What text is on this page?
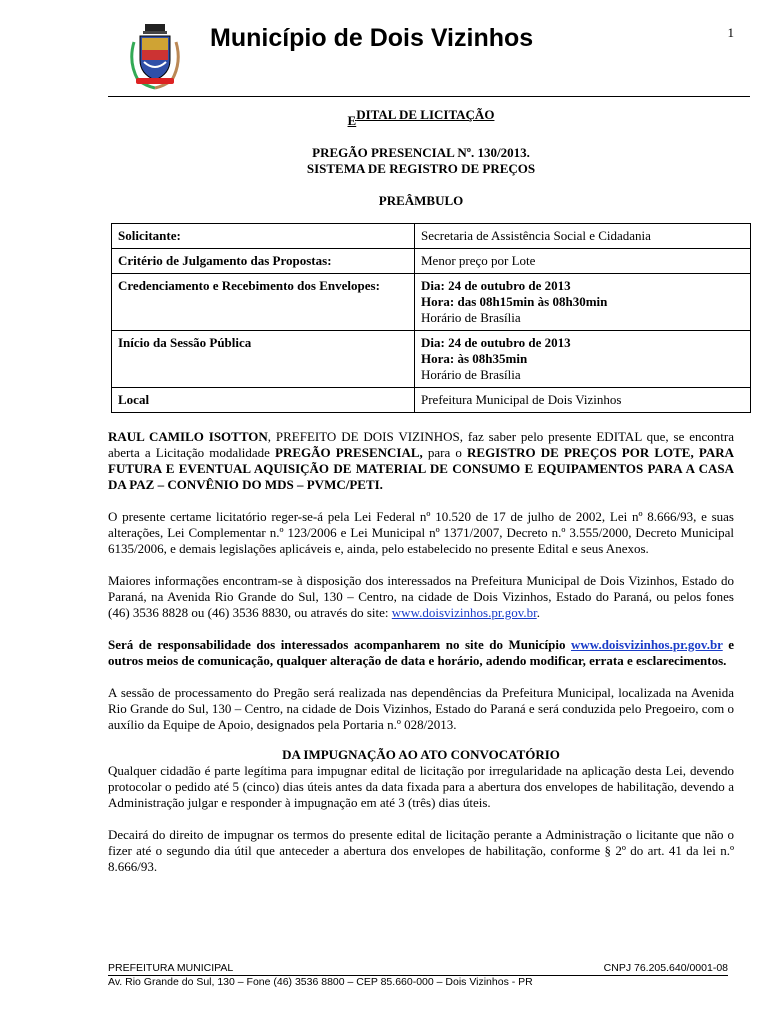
1
Município de Dois Vizinhos
EDITAL DE LICITAÇÃO
PREGÃO PRESENCIAL Nº. 130/2013.
SISTEMA DE REGISTRO DE PREÇOS
PREÂMBULO
Solicitante:	Secretaria de Assistência Social e Cidadania

Critério de Julgamento das Propostas:	Menor preço por Lote

Credenciamento e Recebimento dos Envelopes:	Dia: 24 de outubro de 2013
Hora: das 08h15min às 08h30min
Horário de Brasília

Início da Sessão Pública	Dia: 24 de outubro de 2013
Hora: às 08h35min
Horário de Brasília

Local	Prefeitura Municipal de Dois Vizinhos

RAUL CAMILO ISOTTON, PREFEITO DE DOIS VIZINHOS, faz saber pelo presente EDITAL que, se encontra aberta a Licitação modalidade PREGÃO PRESENCIAL, para o REGISTRO DE PREÇOS POR LOTE, PARA FUTURA E EVENTUAL AQUISIÇÃO DE MATERIAL DE CONSUMO E EQUIPAMENTOS PARA A CASA DA PAZ – CONVÊNIO DO MDS – PVMC/PETI.

O presente certame licitatório reger-se-á pela Lei Federal nº 10.520 de 17 de julho de 2002, Lei nº 8.666/93, e suas alterações, Lei Complementar n.º 123/2006 e Lei Municipal nº 1371/2007, Decreto n.º 3.555/2000, Decreto Municipal 6135/2006, e demais legislações aplicáveis e, ainda, pelo estabelecido no presente Edital e seus Anexos.

Maiores informações encontram-se à disposição dos interessados na Prefeitura Municipal de Dois Vizinhos, Estado do Paraná, na Avenida Rio Grande do Sul, 130 – Centro, na cidade de Dois Vizinhos, Estado do Paraná, ou pelos fones (46) 3536 8828 ou (46) 3536 8830, ou através do site: www.doisvizinhos.pr.gov.br.

Será de responsabilidade dos interessados acompanharem no site do Município www.doisvizinhos.pr.gov.br e outros meios de comunicação, qualquer alteração de data e horário, adendo modificar, errata e esclarecimentos.

A sessão de processamento do Pregão será realizada nas dependências da Prefeitura Municipal, localizada na Avenida Rio Grande do Sul, 130 – Centro, na cidade de Dois Vizinhos, Estado do Paraná e será conduzida pelo Pregoeiro, com o auxílio da Equipe de Apoio, designados pela Portaria n.º 028/2013.

DA IMPUGNAÇÃO AO ATO CONVOCATÓRIO

Qualquer cidadão é parte legítima para impugnar edital de licitação por irregularidade na aplicação desta Lei, devendo protocolar o pedido até 5 (cinco) dias úteis antes da data fixada para a abertura dos envelopes de habilitação, devendo a Administração julgar e responder à impugnação em até 3 (três) dias úteis.

Decairá do direito de impugnar os termos do presente edital de licitação perante a Administração o licitante que não o fizer até o segundo dia útil que anteceder a abertura dos envelopes de habilitação, conforme § 2º do art. 41 da lei n.º 8.666/93.

PREFEITURA MUNICIPAL	CNPJ 76.205.640/0001-08
Av. Rio Grande do Sul, 130 – Fone (46) 3536 8800 – CEP 85.660-000 – Dois Vizinhos - PR
